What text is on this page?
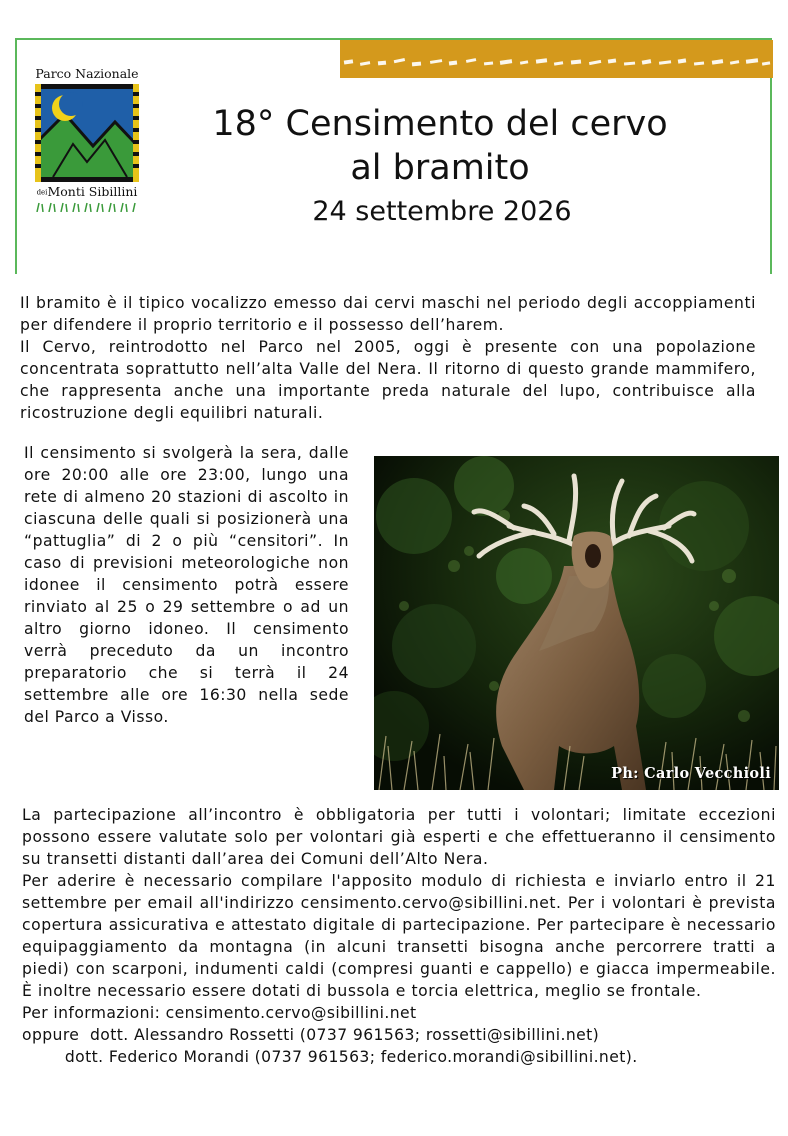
Parco Nazionale
deiMonti Sibillini
18° Censimento del cervo
al bramito
24 settembre 2026

Il bramito è il tipico vocalizzo emesso dai cervi maschi nel periodo degli accoppiamenti per difendere il proprio territorio e il possesso dell’harem.

Il Cervo, reintrodotto nel Parco nel 2005, oggi è presente con una popolazione concentrata soprattutto nell’alta Valle del Nera. Il ritorno di questo grande mammifero, che rappresenta anche una importante preda naturale del lupo, contribuisce alla ricostruzione degli equilibri naturali.

Il censimento si svolgerà la sera, dalle ore 20:00 alle ore 23:00, lungo una rete di almeno 20 stazioni di ascolto in ciascuna delle quali si posizionerà una “pattuglia” di 2 o più “censitori”. In caso di previsioni meteorologiche non idonee il censimento potrà essere rinviato al 25 o 29 settembre o ad un altro giorno idoneo. Il censimento verrà preceduto da un incontro preparatorio che si terrà il 24 settembre alle ore 16:30 nella sede del Parco a Visso.

Ph: Carlo Vecchioli

La partecipazione all’incontro è obbligatoria per tutti i volontari; limitate eccezioni possono essere valutate solo per volontari già esperti e che effettueranno il censimento su transetti distanti dall’area dei Comuni dell’Alto Nera.

Per aderire è necessario compilare l'apposito modulo di richiesta e inviarlo entro il 21 settembre per email all'indirizzo censimento.cervo@sibillini.net. Per i volontari è prevista copertura assicurativa e attestato digitale di partecipazione. Per partecipare è necessario equipaggiamento da montagna (in alcuni transetti bisogna anche percorrere tratti a piedi) con scarponi, indumenti caldi (compresi guanti e cappello) e giacca impermeabile. È inoltre necessario essere dotati di bussola e torcia elettrica, meglio se frontale.

Per informazioni: censimento.cervo@sibillini.net

oppure  dott. Alessandro Rossetti (0737 961563; rossetti@sibillini.net)

dott. Federico Morandi (0737 961563; federico.morandi@sibillini.net).
